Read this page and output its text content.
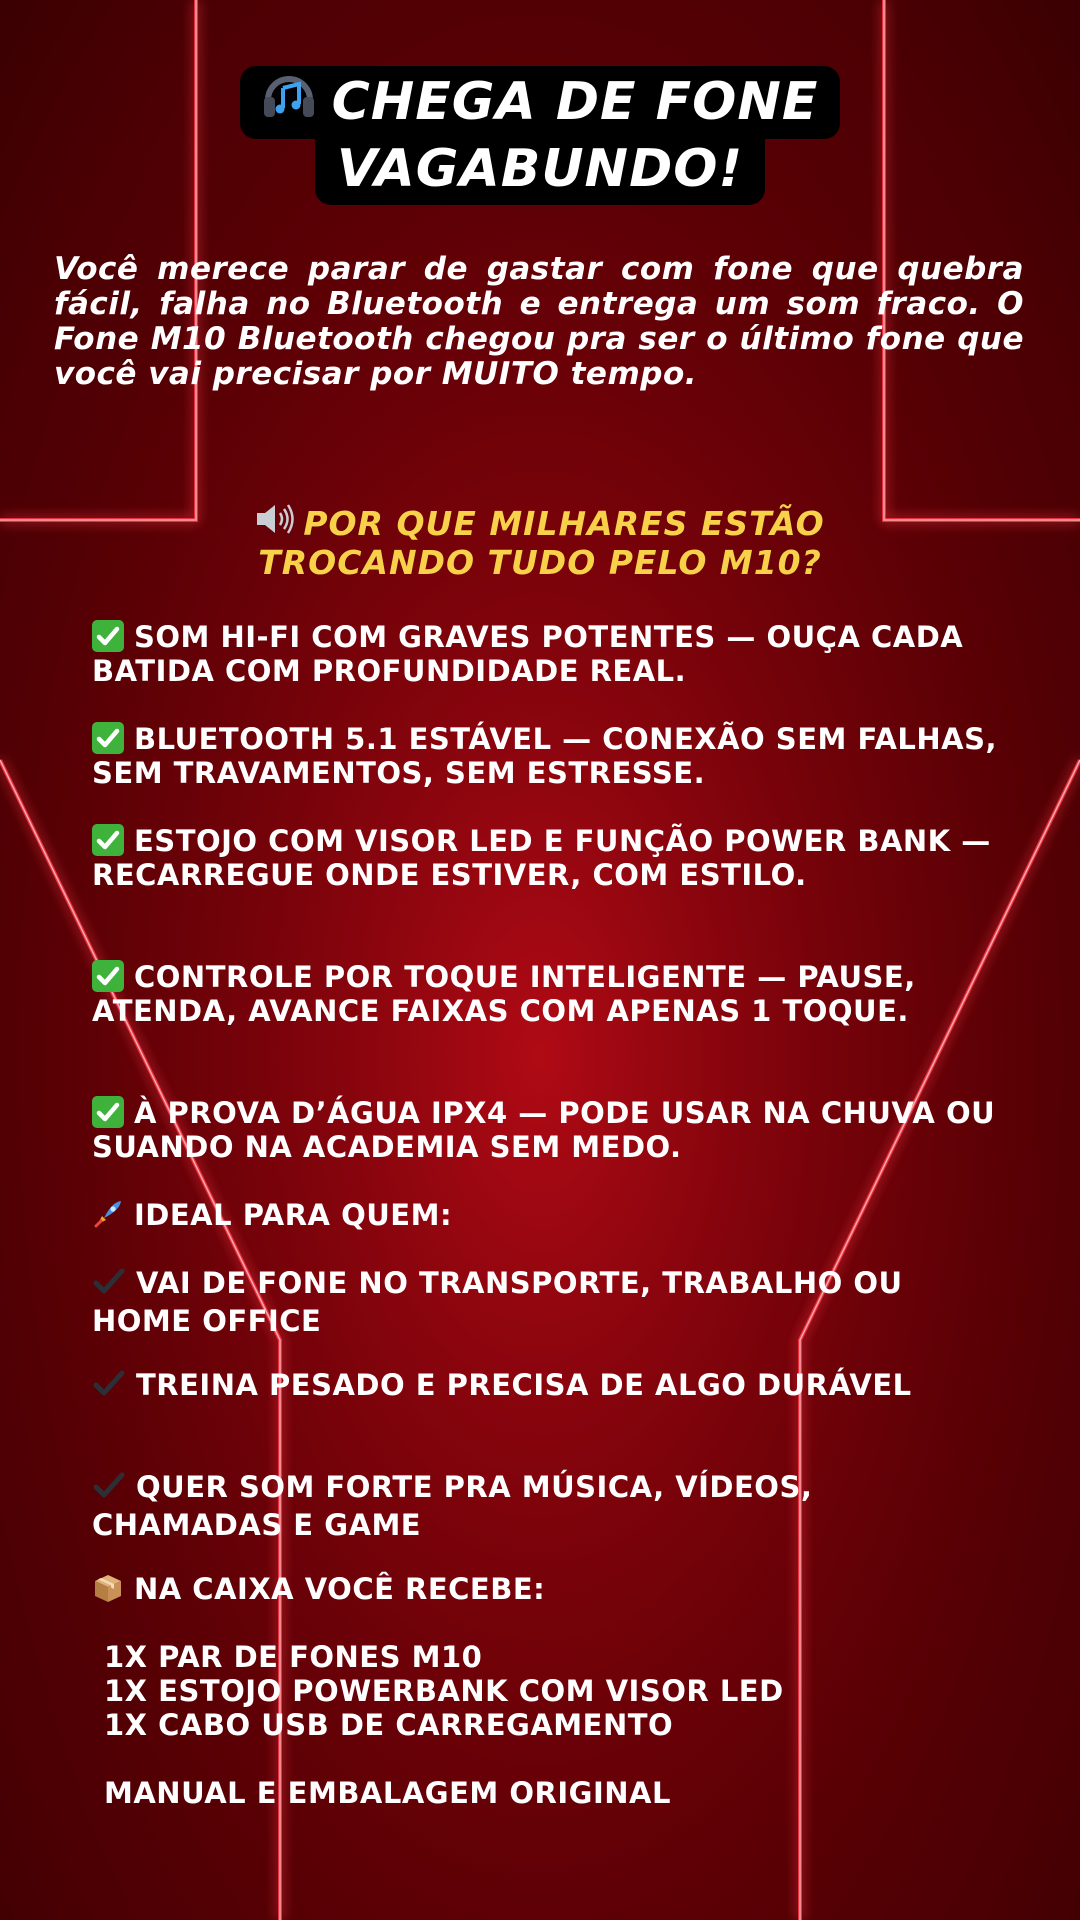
CHEGA DE FONE
VAGABUNDO!
Você merece parar de gastar com fone que quebra fácil, falha no Bluetooth e entrega um som fraco. O Fone M10 Bluetooth chegou pra ser o último fone que você vai precisar por MUITO tempo.
POR QUE MILHARES ESTÃO
TROCANDO TUDO PELO M10?
SOM HI-FI COM GRAVES POTENTES — OUÇA CADA BATIDA COM PROFUNDIDADE REAL.
BLUETOOTH 5.1 ESTÁVEL — CONEXÃO SEM FALHAS, SEM TRAVAMENTOS, SEM ESTRESSE.
ESTOJO COM VISOR LED E FUNÇÃO POWER BANK — RECARREGUE ONDE ESTIVER, COM ESTILO.
CONTROLE POR TOQUE INTELIGENTE — PAUSE, ATENDA, AVANCE FAIXAS COM APENAS 1 TOQUE.
À PROVA D’ÁGUA IPX4 — PODE USAR NA CHUVA OU SUANDO NA ACADEMIA SEM MEDO.
IDEAL PARA QUEM:
VAI DE FONE NO TRANSPORTE, TRABALHO OU HOME OFFICE
TREINA PESADO E PRECISA DE ALGO DURÁVEL
QUER SOM FORTE PRA MÚSICA, VÍDEOS, CHAMADAS E GAME
NA CAIXA VOCÊ RECEBE:
1X PAR DE FONES M10
1X ESTOJO POWERBANK COM VISOR LED
1X CABO USB DE CARREGAMENTO
MANUAL E EMBALAGEM ORIGINAL
